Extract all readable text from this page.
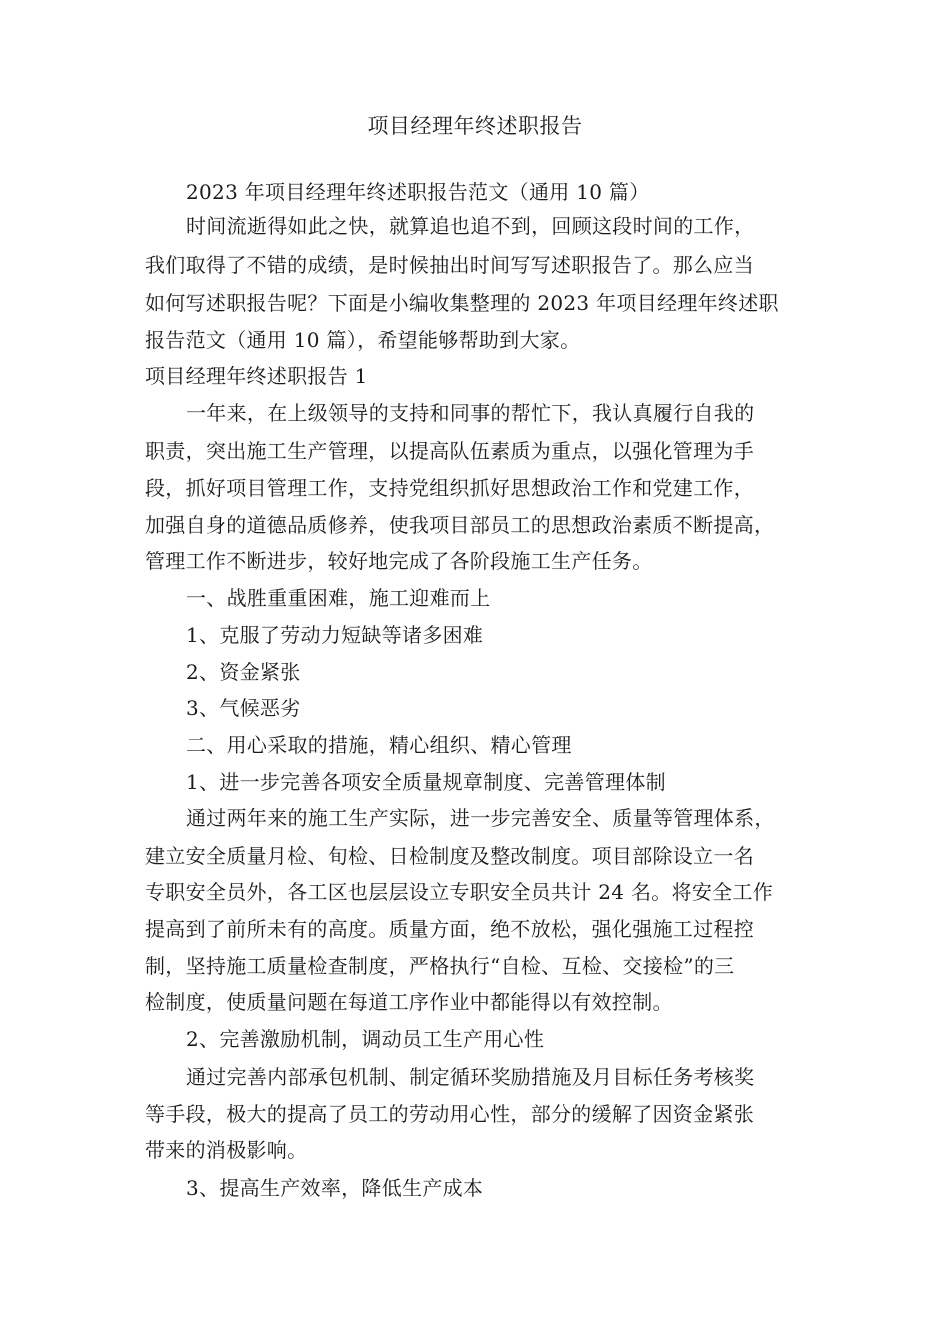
项目经理年终述职报告
2023 年项目经理年终述职报告范文（通用 10 篇）
时间流逝得如此之快，就算追也追不到，回顾这段时间的工作，
我们取得了不错的成绩，是时候抽出时间写写述职报告了。那么应当
如何写述职报告呢？下面是小编收集整理的 2023 年项目经理年终述职
报告范文（通用 10 篇），希望能够帮助到大家。
项目经理年终述职报告 1
一年来，在上级领导的支持和同事的帮忙下，我认真履行自我的
职责，突出施工生产管理，以提高队伍素质为重点，以强化管理为手
段，抓好项目管理工作，支持党组织抓好思想政治工作和党建工作，
加强自身的道德品质修养，使我项目部员工的思想政治素质不断提高，
管理工作不断进步，较好地完成了各阶段施工生产任务。
一、战胜重重困难，施工迎难而上
1、克服了劳动力短缺等诸多困难
2、资金紧张
3、气候恶劣
二、用心采取的措施，精心组织、精心管理
1、进一步完善各项安全质量规章制度、完善管理体制
通过两年来的施工生产实际，进一步完善安全、质量等管理体系，
建立安全质量月检、旬检、日检制度及整改制度。项目部除设立一名
专职安全员外，各工区也层层设立专职安全员共计 24 名。将安全工作
提高到了前所未有的高度。质量方面，绝不放松，强化强施工过程控
制，坚持施工质量检查制度，严格执行“自检、互检、交接检”的三
检制度，使质量问题在每道工序作业中都能得以有效控制。
2、完善激励机制，调动员工生产用心性
通过完善内部承包机制、制定循环奖励措施及月目标任务考核奖
等手段，极大的提高了员工的劳动用心性，部分的缓解了因资金紧张
带来的消极影响。
3、提高生产效率，降低生产成本
